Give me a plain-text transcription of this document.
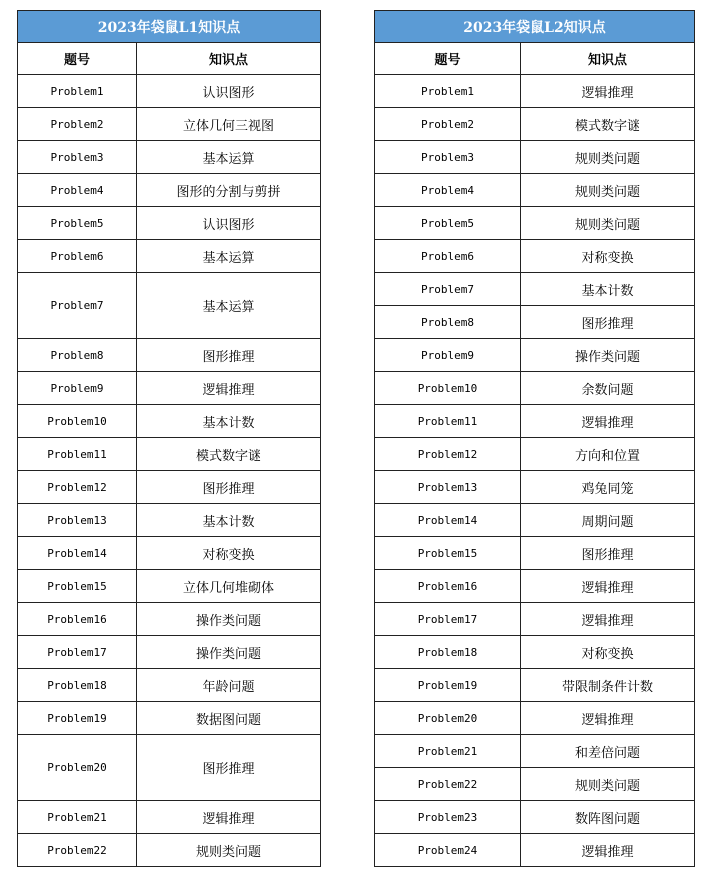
2023年袋鼠L1知识点	
题号	知识点
Problem1	认识图形
Problem2	立体几何三视图
Problem3	基本运算
Problem4	图形的分割与剪拼
Problem5	认识图形
Problem6	基本运算
Problem7	基本运算
Problem8	图形推理
Problem9	逻辑推理
Problem10	基本计数
Problem11	模式数字谜
Problem12	图形推理
Problem13	基本计数
Problem14	对称变换
Problem15	立体几何堆砌体
Problem16	操作类问题
Problem17	操作类问题
Problem18	年龄问题
Problem19	数据图问题
Problem20	图形推理
Problem21	逻辑推理
Problem22	规则类问题
2023年袋鼠L2知识点	
题号	知识点
Problem1	逻辑推理
Problem2	模式数字谜
Problem3	规则类问题
Problem4	规则类问题
Problem5	规则类问题
Problem6	对称变换
Problem7	基本计数
Problem8	图形推理
Problem9	操作类问题
Problem10	余数问题
Problem11	逻辑推理
Problem12	方向和位置
Problem13	鸡兔同笼
Problem14	周期问题
Problem15	图形推理
Problem16	逻辑推理
Problem17	逻辑推理
Problem18	对称变换
Problem19	带限制条件计数
Problem20	逻辑推理
Problem21	和差倍问题
Problem22	规则类问题
Problem23	数阵图问题
Problem24	逻辑推理
